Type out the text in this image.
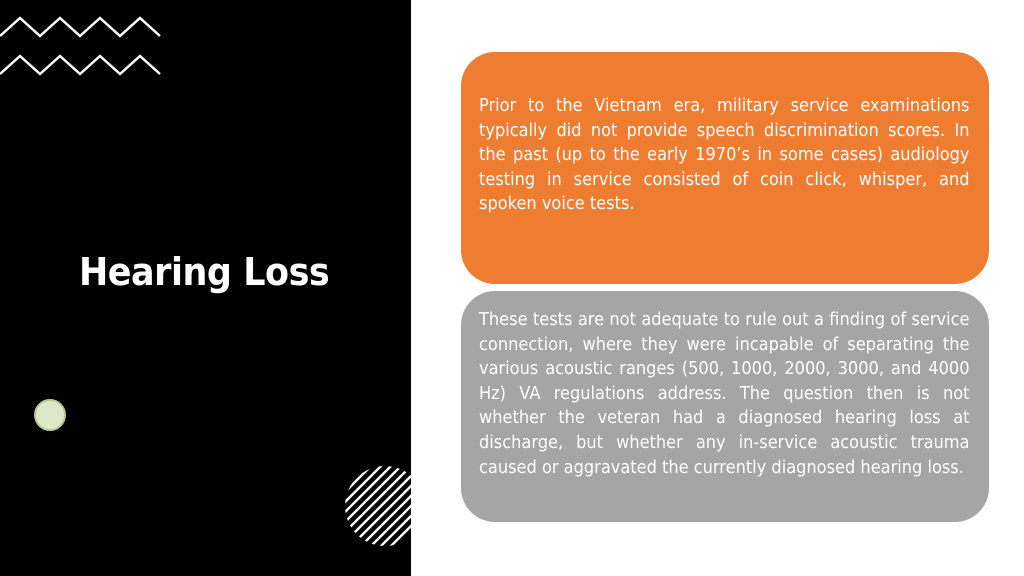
Hearing Loss

Prior to the Vietnam era, military service examinations typically did not provide speech discrimination scores. In the past (up to the early 1970’s in some cases) audiology testing in service consisted of coin click, whisper, and spoken voice tests.

These tests are not adequate to rule out a finding of service connection, where they were incapable of separating the various acoustic ranges (500, 1000, 2000, 3000, and 4000 Hz) VA regulations address. The question then is not whether the veteran had a diagnosed hearing loss at discharge, but whether any in-service acoustic trauma caused or aggravated the currently diagnosed hearing loss.
